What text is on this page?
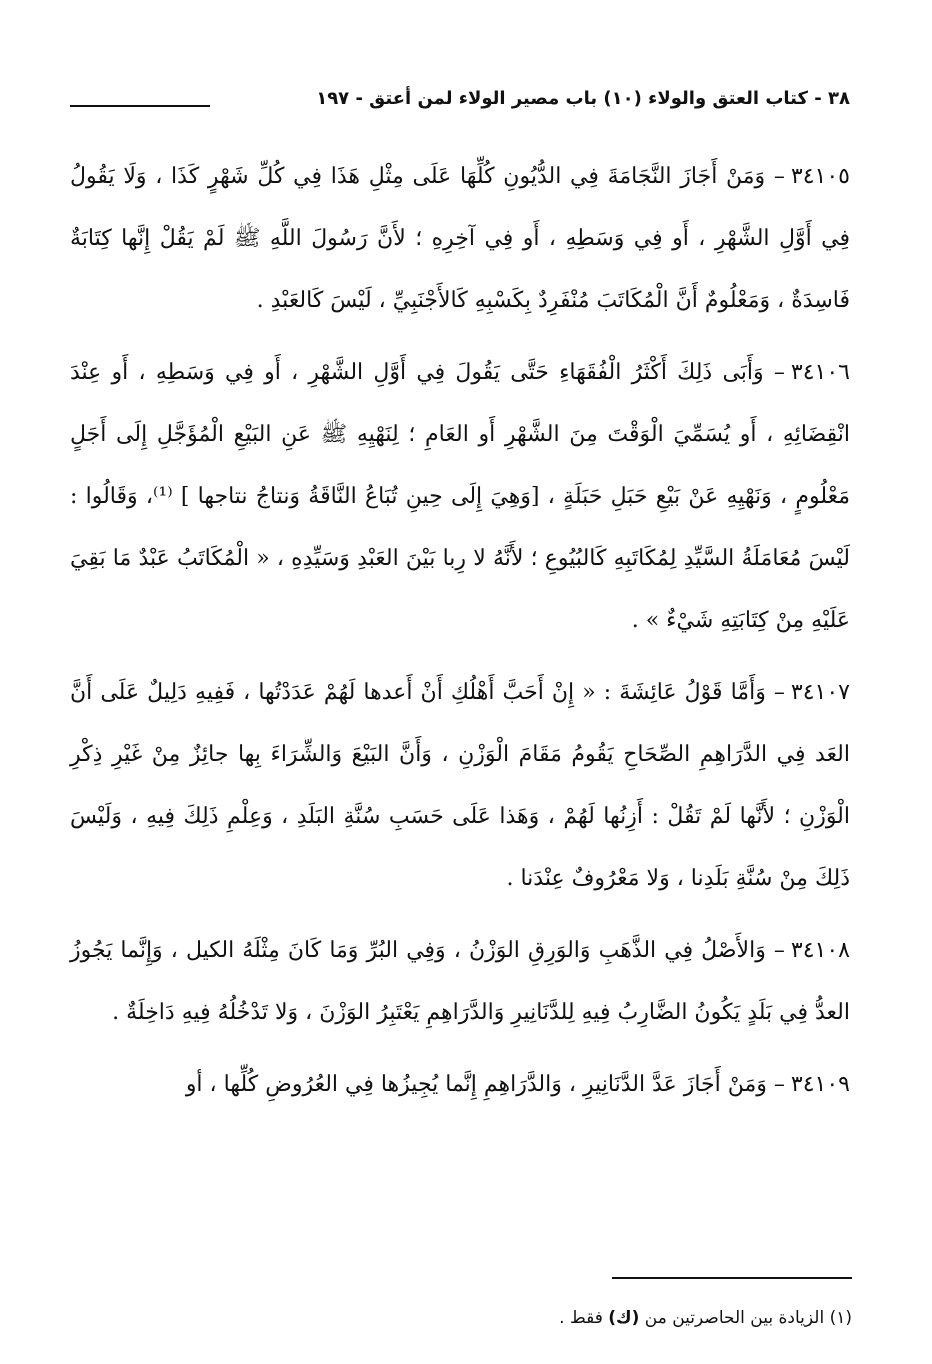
٣٨ - كتاب العتق والولاء (١٠) باب مصير الولاء لمن أعتق - ١٩٧

٣٤١٠٥– وَمَنْ أَجَازَ النَّجَامَةَ فِي الدُّيُونِ كُلِّهَا عَلَى مِثْلِ هَذَا فِي كُلِّ شَهْرٍ كَذَا ، وَلَا يَقُولُ فِي أَوَّلِ الشَّهْرِ ، أَو فِي وَسَطِهِ ، أَو فِي آخِرِهِ ؛ لأَنَّ رَسُولَ اللَّهِ ﷺ لَمْ يَقُلْ إِنَّها كِتَابَةٌ فَاسِدَةٌ ، وَمَعْلُومٌ أَنَّ الْمُكَاتَبَ مُنْفَرِدٌ بِكَسْبِهِ كَالأَجْنَبِيِّ ، لَيْسَ كَالعَبْدِ .

٣٤١٠٦– وَأَبَى ذَلِكَ أَكْثَرُ الْفُقَهَاءِ حَتَّى يَقُولَ فِي أَوَّلِ الشَّهْرِ ، أَو فِي وَسَطِهِ ، أَو عِنْدَ انْقِضَائِهِ ، أَو يُسَمِّيَ الْوَقْتَ مِنَ الشَّهْرِ أَو العَامِ ؛ لِنَهْيِهِ ﷺ عَنِ البَيْعِ الْمُؤَجَّلِ إِلَى أَجَلٍ مَعْلُومٍ ، وَنَهْيِهِ عَنْ بَيْعِ حَبَلِ حَبَلَةٍ ، [وَهِيَ إِلَى حِينِ تُبَاعُ النَّاقَةُ وَنتاجُ نتاجها ] ⁽¹⁾، وَقَالُوا : لَيْسَ مُعَامَلَةُ السَّيِّدِ لِمُكَاتَبِهِ كَالبُيُوعِ ؛ لأَنَّهُ لا رِبا بَيْنَ العَبْدِ وَسَيِّدِهِ ، « الْمُكَاتَبُ عَبْدٌ مَا بَقِيَ عَلَيْهِ مِنْ كِتَابَتِهِ شَيْءٌ » .

٣٤١٠٧– وَأَمَّا قَوْلُ عَائِشَةَ : « إِنْ أَحَبَّ أَهْلُكِ أَنْ أَعدها لَهُمْ عَدَدْتُها ، فَفِيهِ دَلِيلٌ عَلَى أَنَّ العَد فِي الدَّرَاهِمِ الصِّحَاحِ يَقُومُ مَقَامَ الْوَزْنِ ، وَأَنَّ البَيْعَ وَالشِّرَاءَ بِها جائِزٌ مِنْ غَيْرِ ذِكْرِ الْوَزْنِ ؛ لأَنَّها لَمْ تَقُلْ : أَزِنُها لَهُمْ ، وَهَذا عَلَى حَسَبِ سُنَّةِ البَلَدِ ، وَعِلْمِ ذَلِكَ فِيهِ ، وَلَيْسَ ذَلِكَ مِنْ سُنَّةِ بَلَدِنا ، وَلا مَعْرُوفٌ عِنْدَنا .

٣٤١٠٨– وَالأَصْلُ فِي الذَّهَبِ وَالوَرِقِ الوَزْنُ ، وَفِي البُرِّ وَمَا كَانَ مِثْلَهُ الكيل ، وَإِنَّما يَجُوزُ العدُّ فِي بَلَدٍ يَكُونُ الضَّارِبُ فِيهِ لِلدَّنَانِيرِ وَالدَّرَاهِمِ يَعْتَبِرُ الوَزْنَ ، وَلا تَدْخُلُهُ فِيهِ دَاخِلَةٌ .

٣٤١٠٩– وَمَنْ أَجَازَ عَدَّ الدَّنَانِيرِ ، وَالدَّرَاهِمِ إِنَّما يُجِيزُها فِي العُرُوضِ كُلِّها ، أو

(١) الزيادة بين الحاصرتين من (ك) فقط .
